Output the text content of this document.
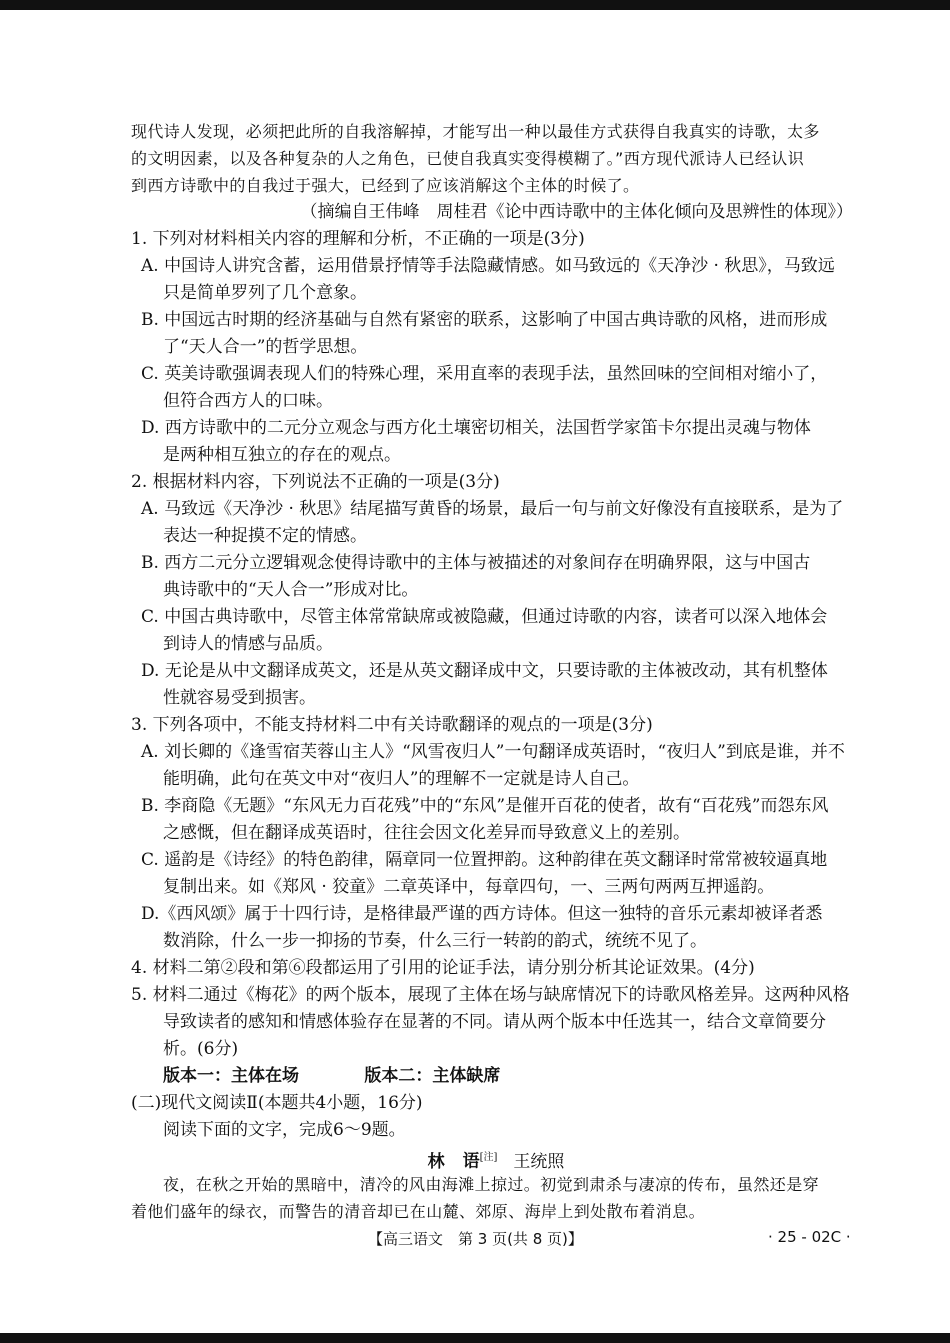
现代诗人发现，必须把此所的自我溶解掉，才能写出一种以最佳方式获得自我真实的诗歌，太多
的文明因素，以及各种复杂的人之角色，已使自我真实变得模糊了。”西方现代派诗人已经认识
到西方诗歌中的自我过于强大，已经到了应该消解这个主体的时候了。
（摘编自王伟峰　周桂君《论中西诗歌中的主体化倾向及思辨性的体现》）
1. 下列对材料相关内容的理解和分析，不正确的一项是(3分)
A. 中国诗人讲究含蓄，运用借景抒情等手法隐藏情感。如马致远的《天净沙 · 秋思》，马致远
只是简单罗列了几个意象。
B. 中国远古时期的经济基础与自然有紧密的联系，这影响了中国古典诗歌的风格，进而形成
了“天人合一”的哲学思想。
C. 英美诗歌强调表现人们的特殊心理，采用直率的表现手法，虽然回味的空间相对缩小了，
但符合西方人的口味。
D. 西方诗歌中的二元分立观念与西方化土壤密切相关，法国哲学家笛卡尔提出灵魂与物体
是两种相互独立的存在的观点。
2. 根据材料内容，下列说法不正确的一项是(3分)
A. 马致远《天净沙 · 秋思》结尾描写黄昏的场景，最后一句与前文好像没有直接联系，是为了
表达一种捉摸不定的情感。
B. 西方二元分立逻辑观念使得诗歌中的主体与被描述的对象间存在明确界限，这与中国古
典诗歌中的“天人合一”形成对比。
C. 中国古典诗歌中，尽管主体常常缺席或被隐藏，但通过诗歌的内容，读者可以深入地体会
到诗人的情感与品质。
D. 无论是从中文翻译成英文，还是从英文翻译成中文，只要诗歌的主体被改动，其有机整体
性就容易受到损害。
3. 下列各项中，不能支持材料二中有关诗歌翻译的观点的一项是(3分)
A. 刘长卿的《逢雪宿芙蓉山主人》“风雪夜归人”一句翻译成英语时，“夜归人”到底是谁，并不
能明确，此句在英文中对“夜归人”的理解不一定就是诗人自己。
B. 李商隐《无题》“东风无力百花残”中的“东风”是催开百花的使者，故有“百花残”而怨东风
之感慨，但在翻译成英语时，往往会因文化差异而导致意义上的差别。
C. 遥韵是《诗经》的特色韵律，隔章同一位置押韵。这种韵律在英文翻译时常常被较逼真地
复制出来。如《郑风 · 狡童》二章英译中，每章四句，一、三两句两两互押遥韵。
D.《西风颂》属于十四行诗，是格律最严谨的西方诗体。但这一独特的音乐元素却被译者悉
数消除，什么一步一抑扬的节奏，什么三行一转韵的韵式，统统不见了。
4. 材料二第②段和第⑥段都运用了引用的论证手法，请分别分析其论证效果。(4分)
5. 材料二通过《梅花》的两个版本，展现了主体在场与缺席情况下的诗歌风格差异。这两种风格
导致读者的感知和情感体验存在显著的不同。请从两个版本中任选其一，结合文章简要分
析。(6分)
版本一：主体在场	版本二：主体缺席
(二)现代文阅读Ⅱ(本题共4小题，16分)
阅读下面的文字，完成6～9题。
林 语[注] 王统照
夜，在秋之开始的黑暗中，清冷的风由海滩上掠过。初觉到肃杀与凄凉的传布，虽然还是穿
着他们盛年的绿衣，而警告的清音却已在山麓、郊原、海岸上到处散布着消息。
【高三语文　第 3 页(共 8 页)】	· 25 - 02C ·
